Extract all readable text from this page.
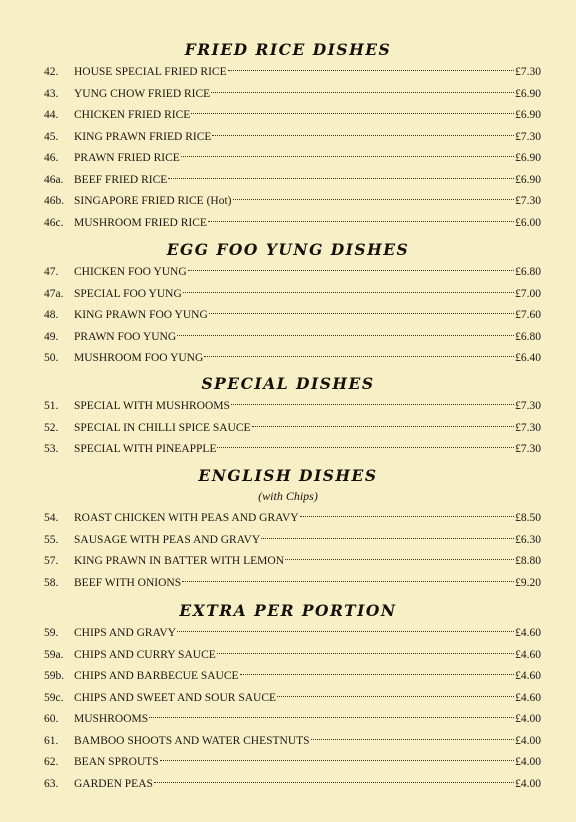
FRIED RICE DISHES
42. HOUSE SPECIAL FRIED RICE	£7.30
43. YUNG CHOW FRIED RICE	£6.90
44. CHICKEN FRIED RICE	£6.90
45. KING PRAWN FRIED RICE	£7.30
46. PRAWN FRIED RICE	£6.90
46a. BEEF FRIED RICE	£6.90
46b. SINGAPORE FRIED RICE (Hot)	£7.30
46c. MUSHROOM FRIED RICE	£6.00
EGG FOO YUNG DISHES
47. CHICKEN FOO YUNG	£6.80
47a. SPECIAL FOO YUNG	£7.00
48. KING PRAWN FOO YUNG	£7.60
49. PRAWN FOO YUNG	£6.80
50. MUSHROOM FOO YUNG	£6.40
SPECIAL DISHES
51. SPECIAL WITH MUSHROOMS	£7.30
52. SPECIAL IN CHILLI SPICE SAUCE	£7.30
53. SPECIAL WITH PINEAPPLE	£7.30
ENGLISH DISHES
(with Chips)
54. ROAST CHICKEN WITH PEAS AND GRAVY	£8.50
55. SAUSAGE WITH PEAS AND GRAVY	£6.30
57. KING PRAWN IN BATTER WITH LEMON	£8.80
58. BEEF WITH ONIONS	£9.20
EXTRA PER PORTION
59. CHIPS AND GRAVY	£4.60
59a. CHIPS AND CURRY SAUCE	£4.60
59b. CHIPS AND BARBECUE SAUCE	£4.60
59c. CHIPS AND SWEET AND SOUR SAUCE	£4.60
60. MUSHROOMS	£4.00
61. BAMBOO SHOOTS AND WATER CHESTNUTS	£4.00
62. BEAN SPROUTS	£4.00
63. GARDEN PEAS	£4.00
